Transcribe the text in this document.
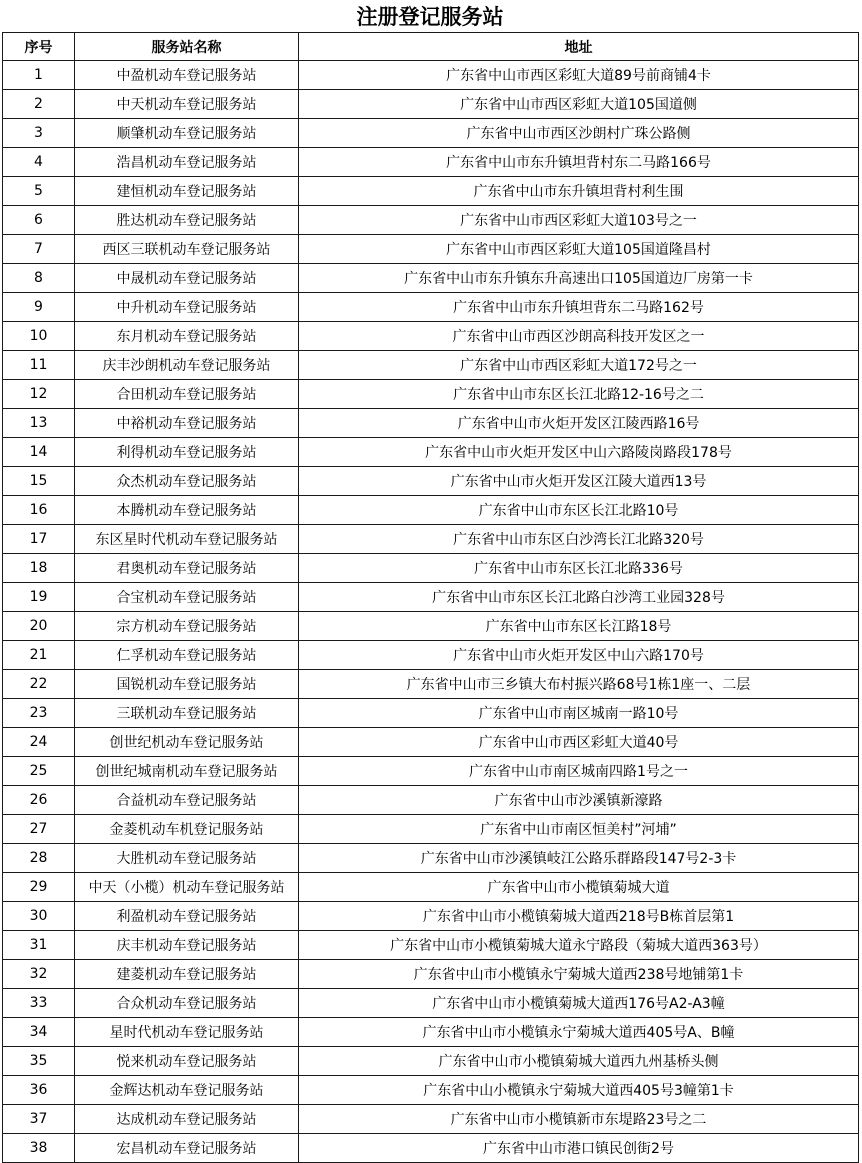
注册登记服务站
序号	服务站名称	地址
1	中盈机动车登记服务站	广东省中山市西区彩虹大道89号前商铺4卡
2	中天机动车登记服务站	广东省中山市西区彩虹大道105国道侧
3	顺肇机动车登记服务站	广东省中山市西区沙朗村广珠公路侧
4	浩昌机动车登记服务站	广东省中山市东升镇坦背村东二马路166号
5	建恒机动车登记服务站	广东省中山市东升镇坦背村利生围
6	胜达机动车登记服务站	广东省中山市西区彩虹大道103号之一
7	西区三联机动车登记服务站	广东省中山市西区彩虹大道105国道隆昌村
8	中晟机动车登记服务站	广东省中山市东升镇东升高速出口105国道边厂房第一卡
9	中升机动车登记服务站	广东省中山市东升镇坦背东二马路162号
10	东月机动车登记服务站	广东省中山市西区沙朗高科技开发区之一
11	庆丰沙朗机动车登记服务站	广东省中山市西区彩虹大道172号之一
12	合田机动车登记服务站	广东省中山市东区长江北路12-16号之二
13	中裕机动车登记服务站	广东省中山市火炬开发区江陵西路16号
14	利得机动车登记服务站	广东省中山市火炬开发区中山六路陵岗路段178号
15	众杰机动车登记服务站	广东省中山市火炬开发区江陵大道西13号
16	本腾机动车登记服务站	广东省中山市东区长江北路10号
17	东区星时代机动车登记服务站	广东省中山市东区白沙湾长江北路320号
18	君奥机动车登记服务站	广东省中山市东区长江北路336号
19	合宝机动车登记服务站	广东省中山市东区长江北路白沙湾工业园328号
20	宗方机动车登记服务站	广东省中山市东区长江路18号
21	仁孚机动车登记服务站	广东省中山市火炬开发区中山六路170号
22	国锐机动车登记服务站	广东省中山市三乡镇大布村振兴路68号1栋1座一、二层
23	三联机动车登记服务站	广东省中山市南区城南一路10号
24	创世纪机动车登记服务站	广东省中山市西区彩虹大道40号
25	创世纪城南机动车登记服务站	广东省中山市南区城南四路1号之一
26	合益机动车登记服务站	广东省中山市沙溪镇新濠路
27	金菱机动车机登记服务站	广东省中山市南区恒美村”河埔”
28	大胜机动车登记服务站	广东省中山市沙溪镇岐江公路乐群路段147号2-3卡
29	中天（小榄）机动车登记服务站	广东省中山市小榄镇菊城大道
30	利盈机动车登记服务站	广东省中山市小榄镇菊城大道西218号B栋首层第1
31	庆丰机动车登记服务站	广东省中山市小榄镇菊城大道永宁路段（菊城大道西363号）
32	建菱机动车登记服务站	广东省中山市小榄镇永宁菊城大道西238号地铺第1卡
33	合众机动车登记服务站	广东省中山市小榄镇菊城大道西176号A2-A3幢
34	星时代机动车登记服务站	广东省中山市小榄镇永宁菊城大道西405号A、B幢
35	悦来机动车登记服务站	广东省中山市小榄镇菊城大道西九州基桥头侧
36	金辉达机动车登记服务站	广东省中山小榄镇永宁菊城大道西405号3幢第1卡
37	达成机动车登记服务站	广东省中山市小榄镇新市东堤路23号之二
38	宏昌机动车登记服务站	广东省中山市港口镇民创街2号
